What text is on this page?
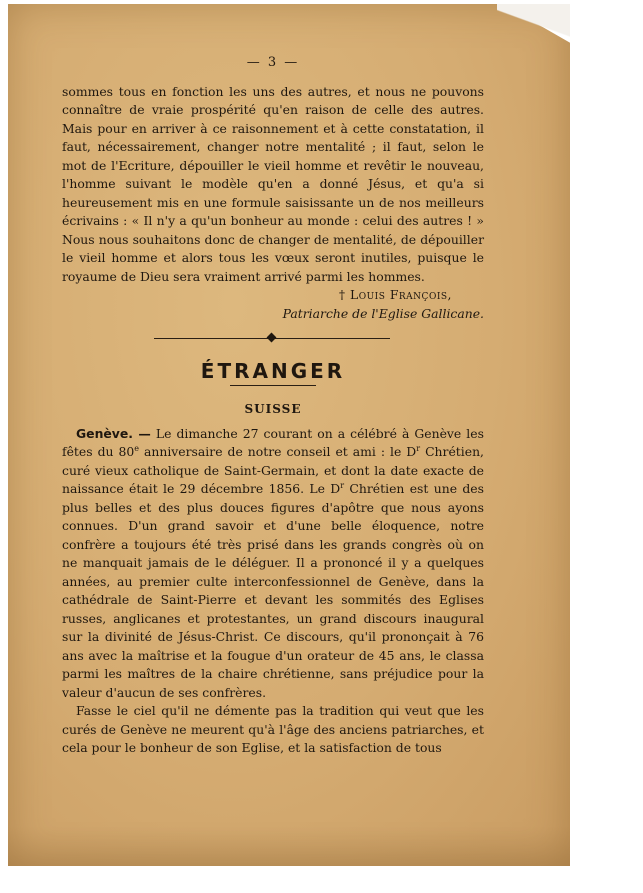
— 3 —

sommes tous en fonction les uns des autres, et nous ne pouvons connaître de vraie prospérité qu'en raison de celle des autres. Mais pour en arriver à ce raisonnement et à cette constatation, il faut, nécessairement, changer notre mentalité ; il faut, selon le mot de l'Ecriture, dépouiller le vieil homme et revêtir le nouveau, l'homme suivant le modèle qu'en a donné Jésus, et qu'a si heureusement mis en une formule saisissante un de nos meilleurs écrivains : « Il n'y a qu'un bonheur au monde : celui des autres ! » Nous nous souhaitons donc de changer de mentalité, de dépouiller le vieil homme et alors tous les vœux seront inutiles, puisque le royaume de Dieu sera vraiment arrivé parmi les hommes.

† Louis François,
Patriarche de l'Eglise Gallicane.
ÉTRANGER
SUISSE

Genève. — Le dimanche 27 courant on a célébré à Genève les fêtes du 80e anniversaire de notre conseil et ami : le $D^r$ Chrétien, curé vieux catholique de Saint-Germain, et dont la date exacte de naissance était le 29 décembre 1856. Le $D^r$ Chrétien est une des plus belles et des plus douces figures d'apôtre que nous ayons connues. D'un grand savoir et d'une belle éloquence, notre confrère a toujours été très prisé dans les grands congrès où on ne manquait jamais de le déléguer. Il a prononcé il y a quelques années, au premier culte interconfessionnel de Genève, dans la cathédrale de Saint-Pierre et devant les sommités des Eglises russes, anglicanes et protestantes, un grand discours inaugural sur la divinité de Jésus-Christ. Ce discours, qu'il prononçait à 76 ans avec la maîtrise et la fougue d'un orateur de 45 ans, le classa parmi les maîtres de la chaire chrétienne, sans préjudice pour la valeur d'aucun de ses confrères.

Fasse le ciel qu'il ne démente pas la tradition qui veut que les curés de Genève ne meurent qu'à l'âge des anciens patriarches, et cela pour le bonheur de son Eglise, et la satisfaction de tous
